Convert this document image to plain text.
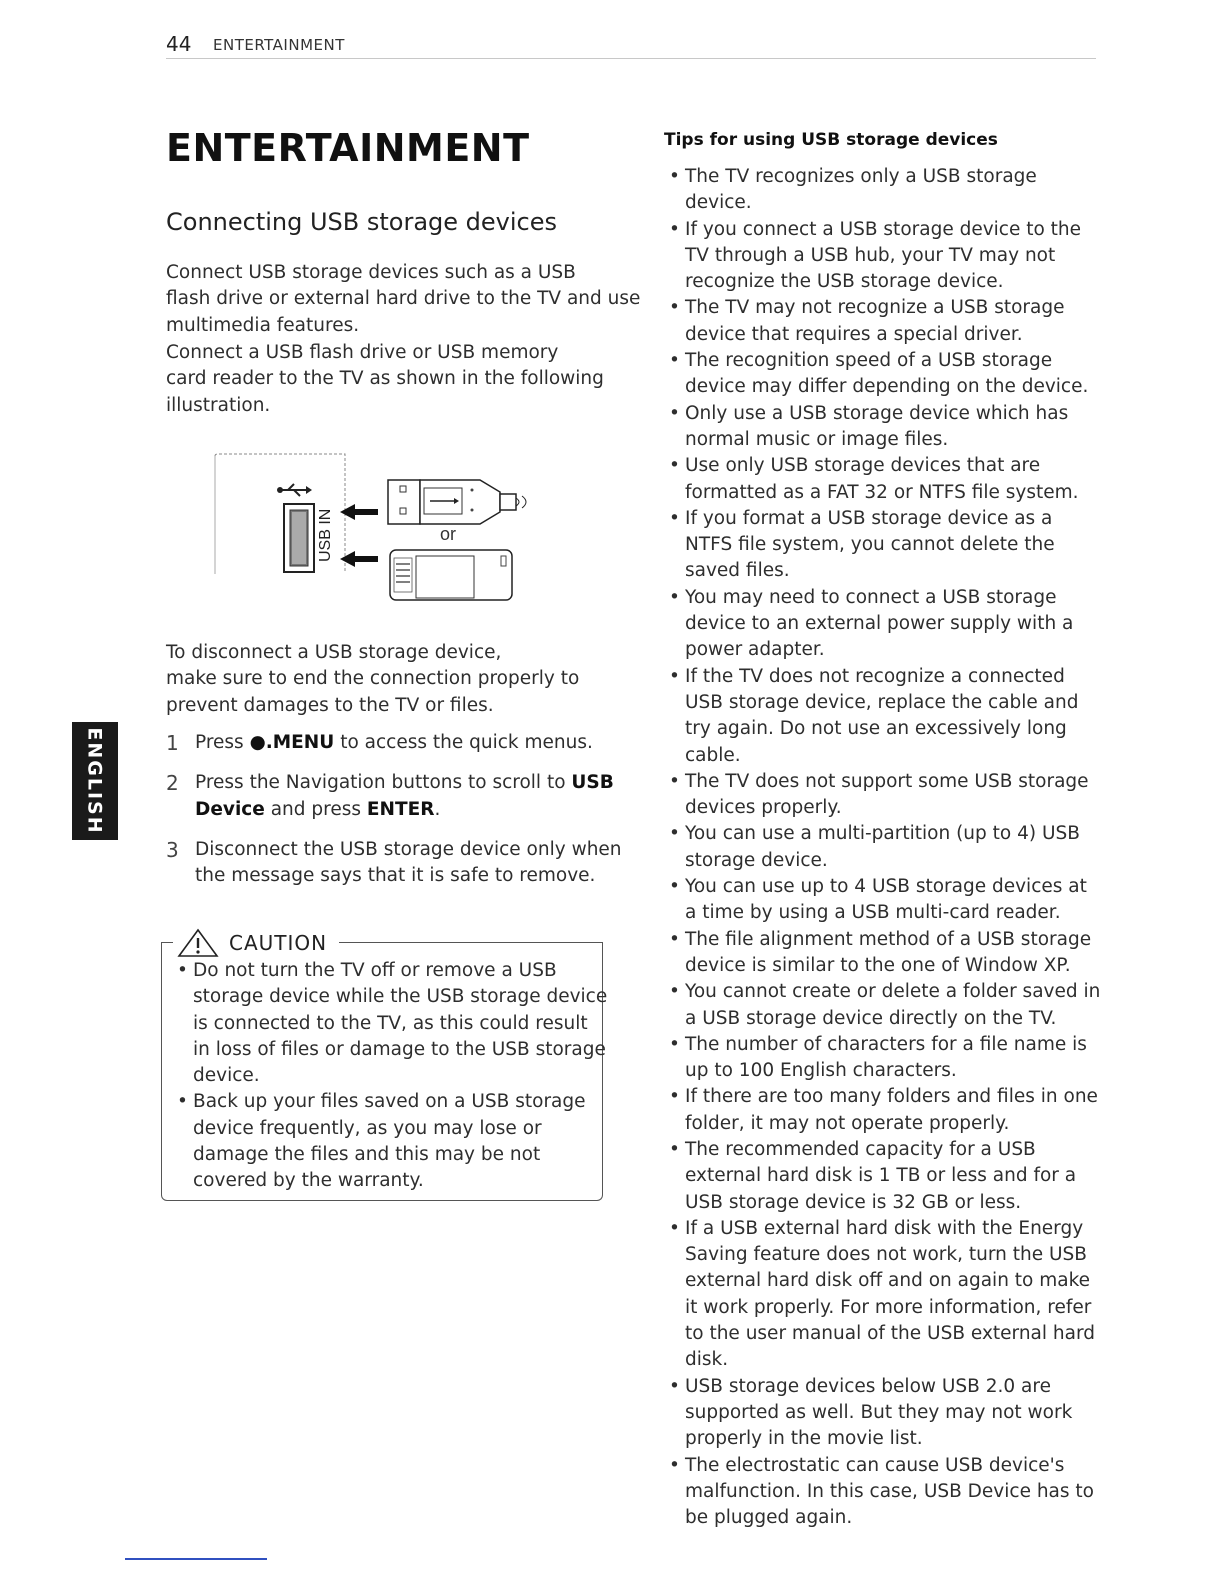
44 ENTERTAINMENT
ENGLISH
ENTERTAINMENT
Connecting USB storage devices
Connect USB storage devices such as a USB
flash drive or external hard drive to the TV and use
multimedia features.
Connect a USB flash drive or USB memory
card reader to the TV as shown in the following
illustration.
USB IN	or
To disconnect a USB storage device,
make sure to end the connection properly to
prevent damages to the TV or files.
1 Press ●.MENU to access the quick menus.
2 Press the Navigation buttons to scroll to USB
Device and press ENTER.
3 Disconnect the USB storage device only when
the message says that it is safe to remove.
CAUTION
• Do not turn the TV off or remove a USB
storage device while the USB storage device
is connected to the TV, as this could result
in loss of files or damage to the USB storage
device.
• Back up your files saved on a USB storage
device frequently, as you may lose or
damage the files and this may be not
covered by the warranty.
Tips for using USB storage devices
• The TV recognizes only a USB storage
device.
• If you connect a USB storage device to the
TV through a USB hub, your TV may not
recognize the USB storage device.
• The TV may not recognize a USB storage
device that requires a special driver.
• The recognition speed of a USB storage
device may differ depending on the device.
• Only use a USB storage device which has
normal music or image files.
• Use only USB storage devices that are
formatted as a FAT 32 or NTFS file system.
• If you format a USB storage device as a
NTFS file system, you cannot delete the
saved files.
• You may need to connect a USB storage
device to an external power supply with a
power adapter.
• If the TV does not recognize a connected
USB storage device, replace the cable and
try again. Do not use an excessively long
cable.
• The TV does not support some USB storage
devices properly.
• You can use a multi-partition (up to 4) USB
storage device.
• You can use up to 4 USB storage devices at
a time by using a USB multi-card reader.
• The file alignment method of a USB storage
device is similar to the one of Window XP.
• You cannot create or delete a folder saved in
a USB storage device directly on the TV.
• The number of characters for a file name is
up to 100 English characters.
• If there are too many folders and files in one
folder, it may not operate properly.
• The recommended capacity for a USB
external hard disk is 1 TB or less and for a
USB storage device is 32 GB or less.
• If a USB external hard disk with the Energy
Saving feature does not work, turn the USB
external hard disk off and on again to make
it work properly. For more information, refer
to the user manual of the USB external hard
disk.
• USB storage devices below USB 2.0 are
supported as well. But they may not work
properly in the movie list.
• The electrostatic can cause USB device's
malfunction. In this case, USB Device has to
be plugged again.
